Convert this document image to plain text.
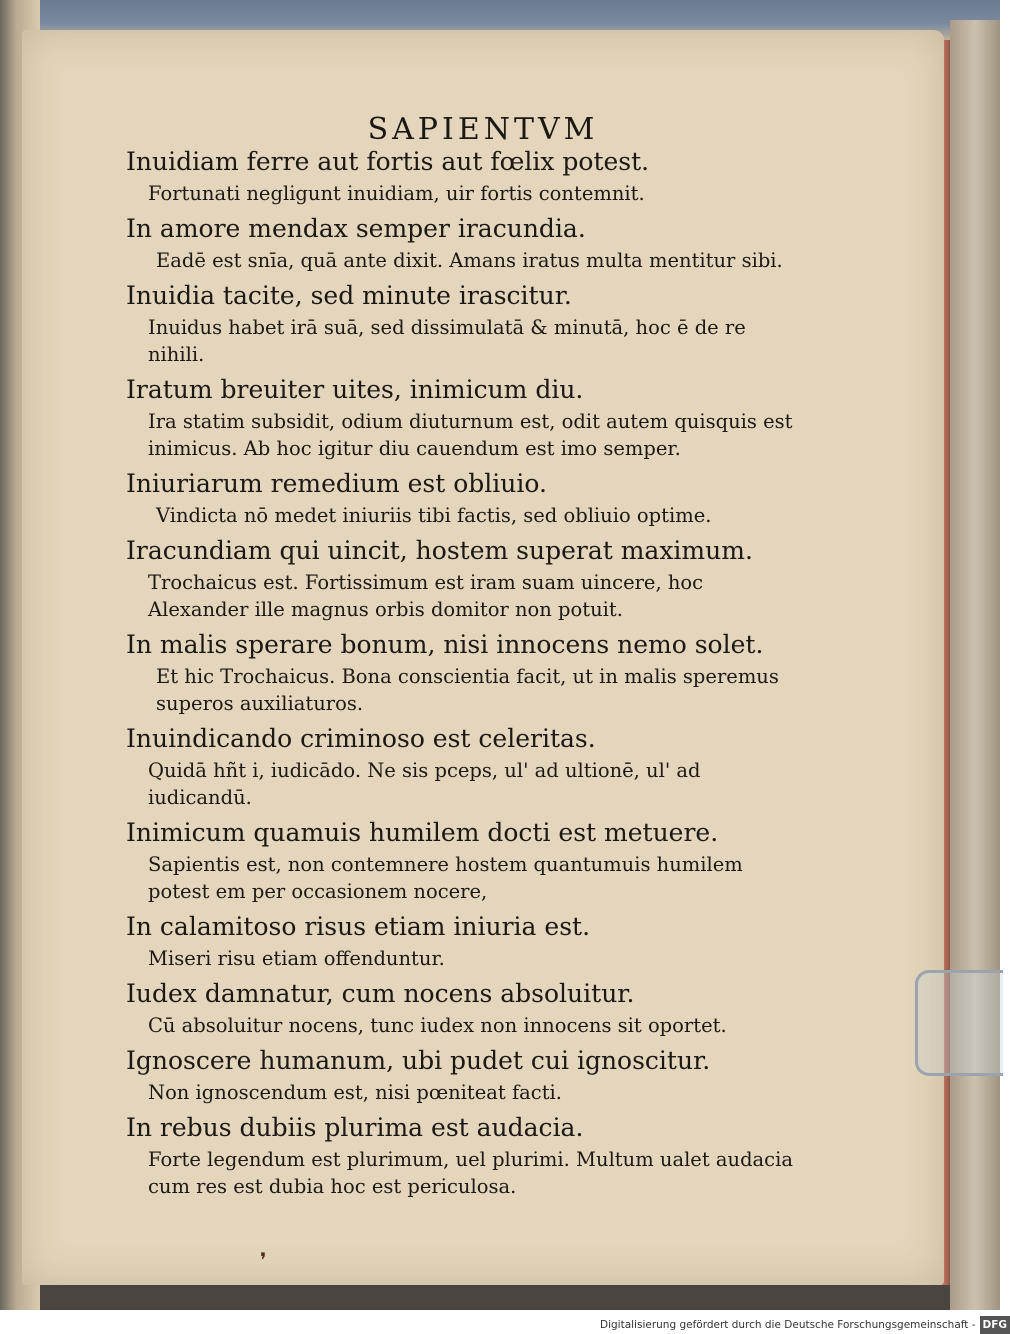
SAPIENTVM
Inuidiam ferre aut fortis aut fœlix potest.
Fortunati negligunt inuidiam, uir fortis contemnit.
In amore mendax semper iracundia.
Eadē est snīa, quā ante dixit. Amans iratus multa mentitur sibi.
Inuidia tacite, sed minute irascitur.
Inuidus habet irā suā, sed dissimulatā & minutā, hoc ē de re nihili.
Iratum breuiter uites, inimicum diu.
Ira statim subsidit, odium diuturnum est, odit autem quisquis est inimicus. Ab hoc igitur diu cauendum est imo semper.
Iniuriarum remedium est obliuio.
Vindicta nō medet iniuriis tibi factis, sed obliuio optime.
Iracundiam qui uincit, hostem superat maximum.
Trochaicus est. Fortissimum est iram suam uincere, hoc Alexander ille magnus orbis domitor non potuit.
In malis sperare bonum, nisi innocens nemo solet.
Et hic Trochaicus. Bona conscientia facit, ut in malis speremus superos auxiliaturos.
Inuindicando criminoso est celeritas.
Quidā hñt i, iudicādo. Ne sis pceps, ul' ad ultionē, ul' ad iudicandū.
Inimicum quamuis humilem docti est metuere.
Sapientis est, non contemnere hostem quantumuis humilem potest em per occasionem nocere,
In calamitoso risus etiam iniuria est.
Miseri risu etiam offenduntur.
Iudex damnatur, cum nocens absoluitur.
Cū absoluitur nocens, tunc iudex non innocens sit oportet.
Ignoscere humanum, ubi pudet cui ignoscitur.
Non ignoscendum est, nisi pœniteat facti.
In rebus dubiis plurima est audacia.
Forte legendum est plurimum, uel plurimi. Multum ualet audacia cum res est dubia hoc est periculosa.
❜
Digitalisierung gefördert durch die Deutsche Forschungsgemeinschaft - DFG
